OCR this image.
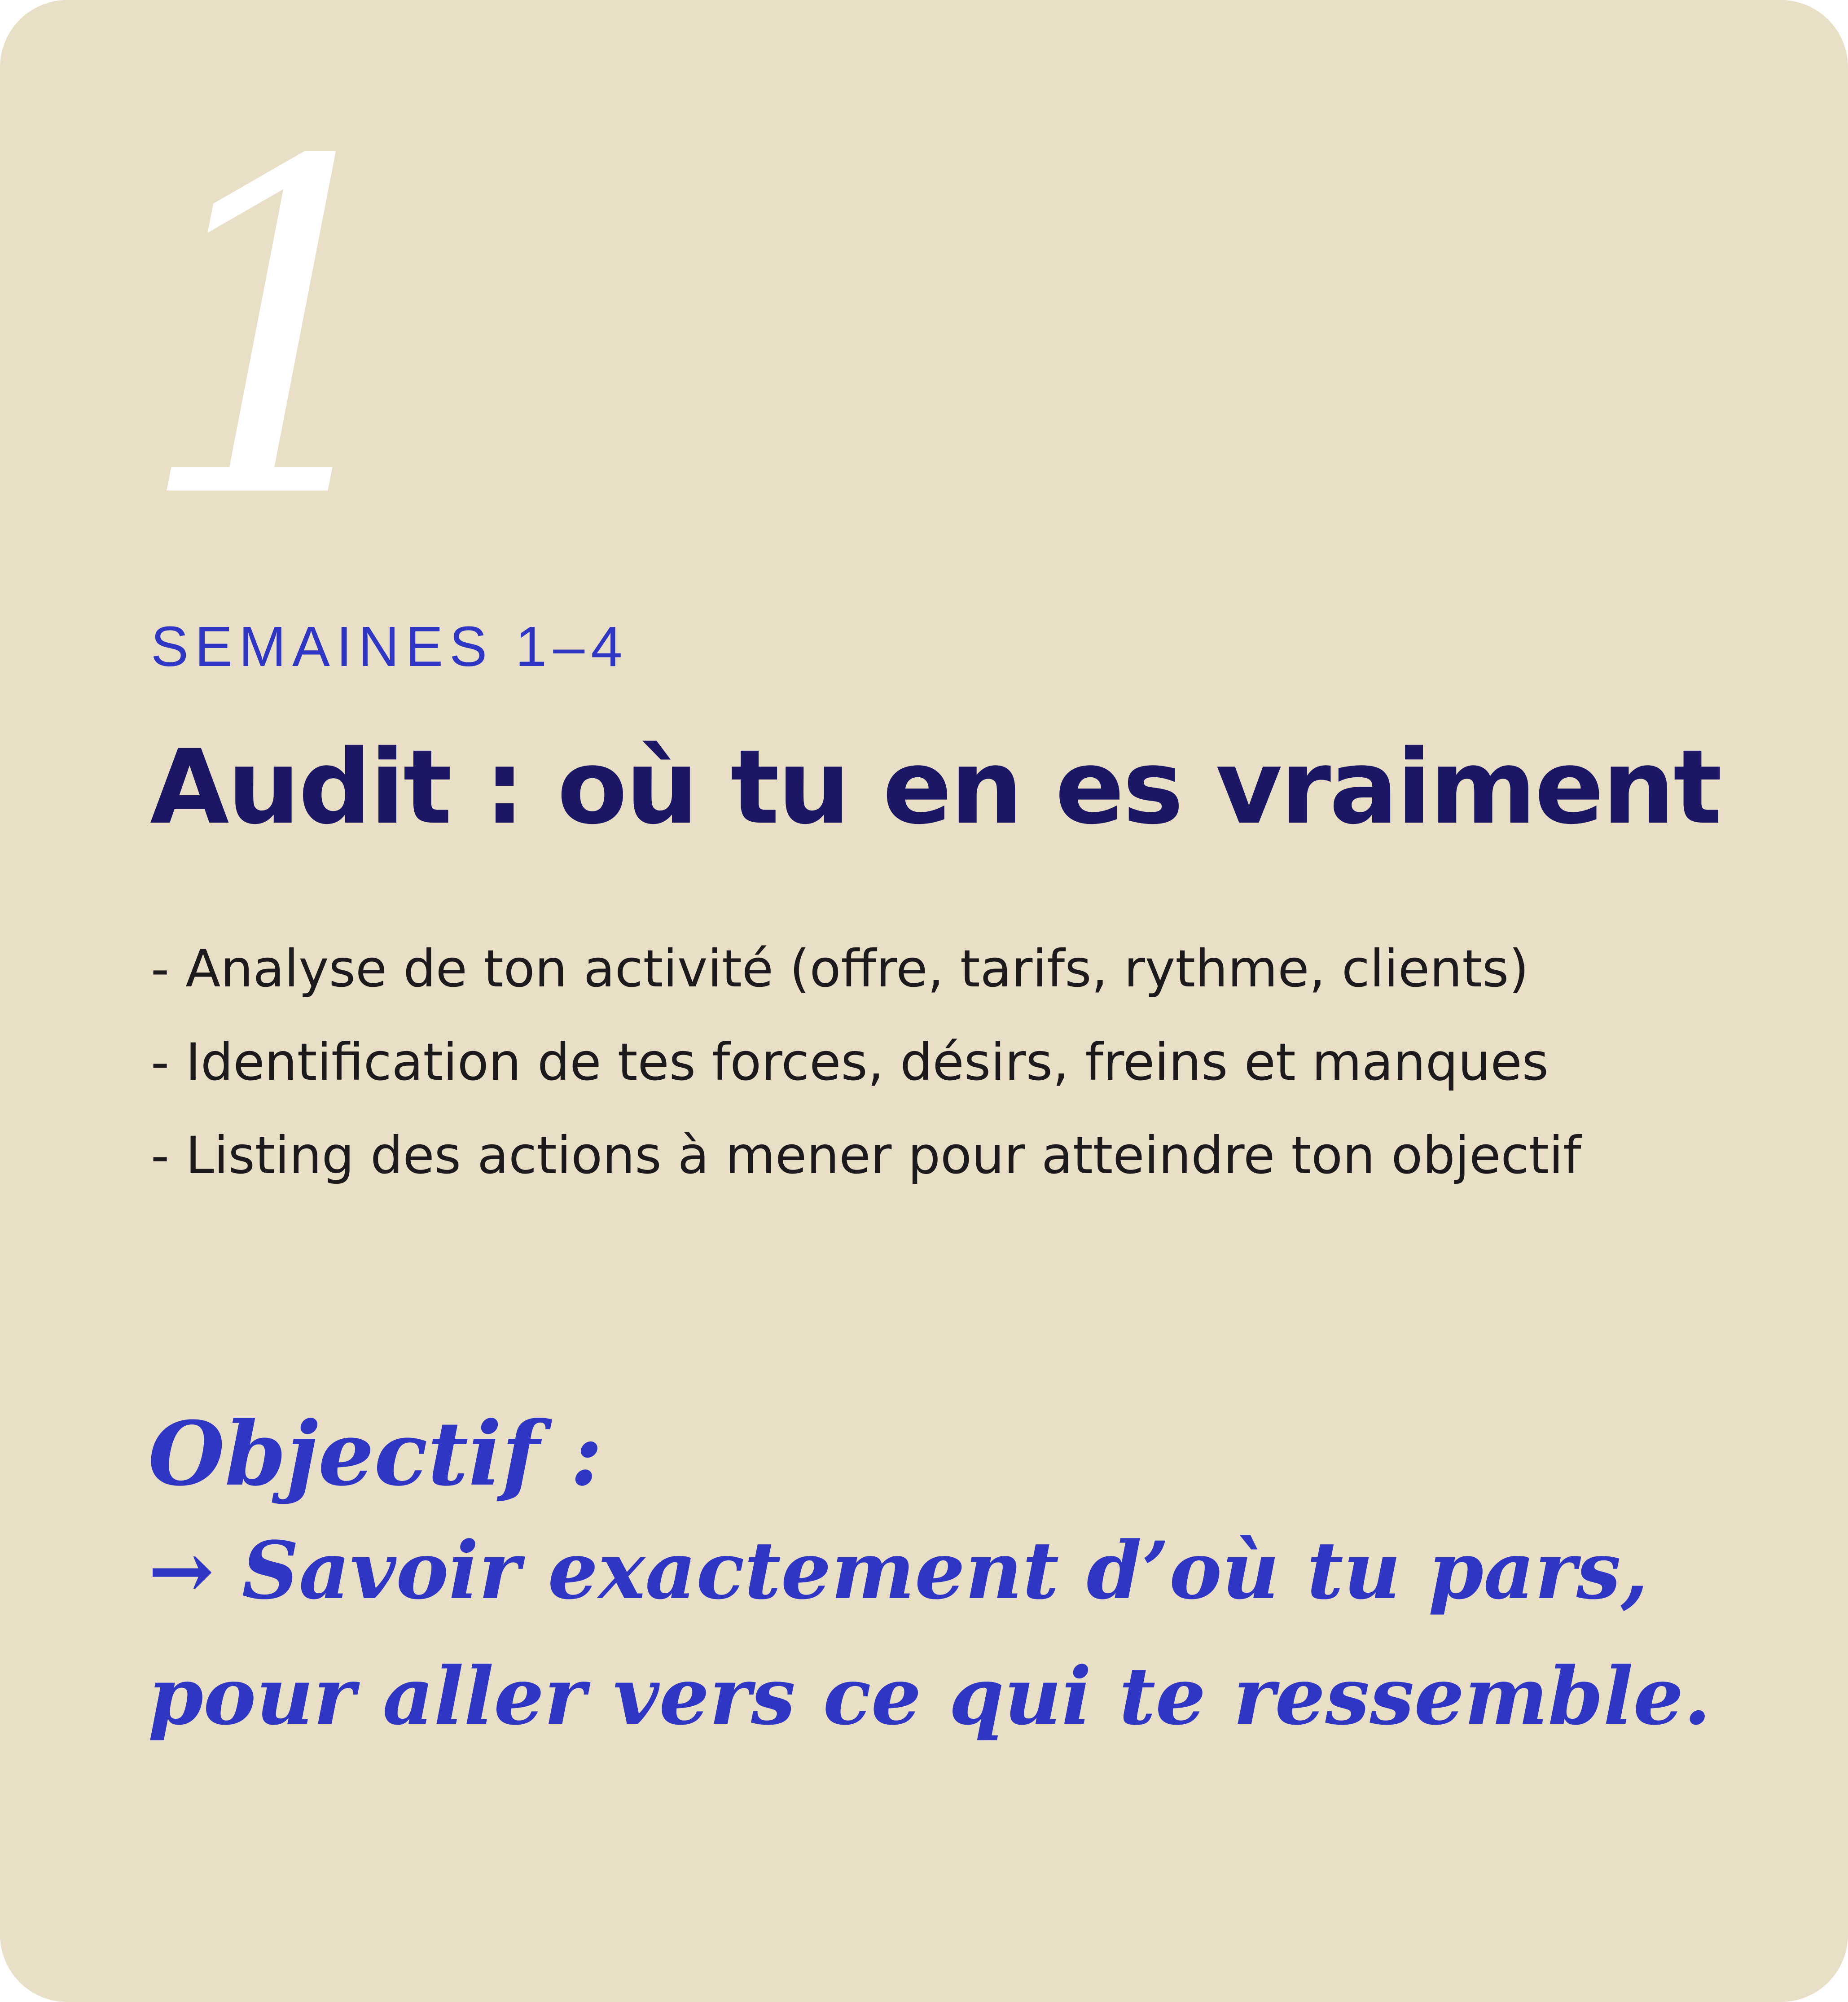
1
SEMAINES 1–4
Audit : où tu en es vraiment
- Analyse de ton activité (offre, tarifs, rythme, clients)
- Identification de tes forces, désirs, freins et manques
- Listing des actions à mener pour atteindre ton objectif
Objectif :
→ Savoir exactement d’où tu pars,
pour aller vers ce qui te ressemble.
